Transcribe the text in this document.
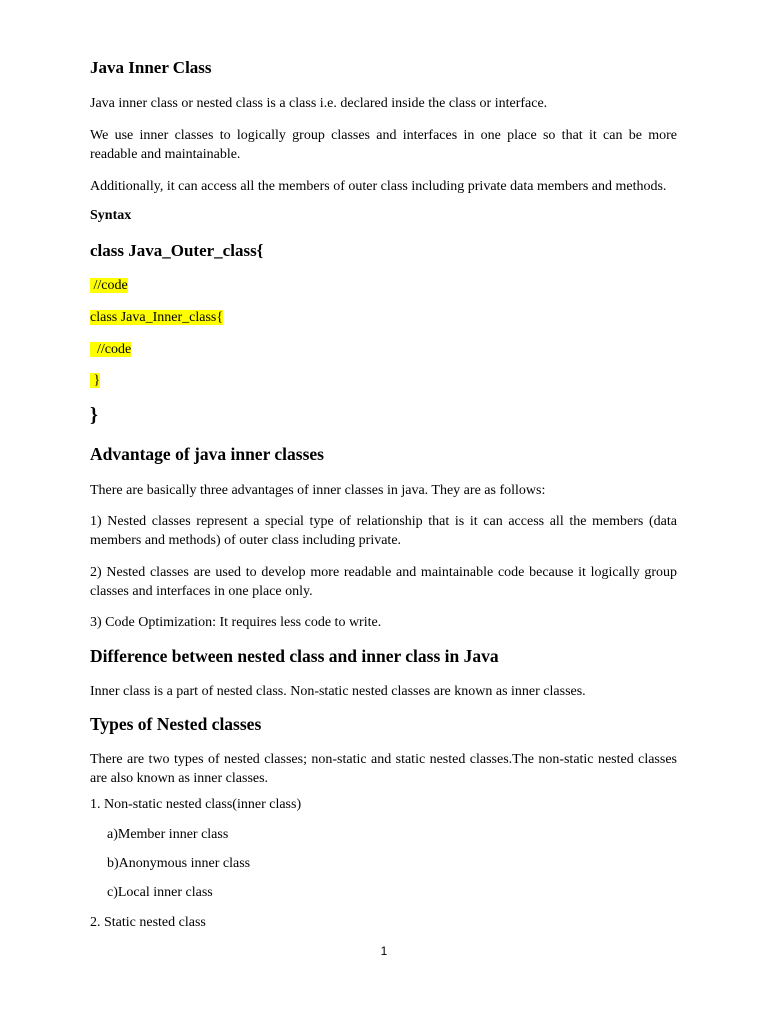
Java Inner Class

Java inner class or nested class is a class i.e. declared inside the class or interface.

We use inner classes to logically group classes and interfaces in one place so that it can be more readable and maintainable.

Additionally, it can access all the members of outer class including private data members and methods.

Syntax

class Java_Outer_class{

//code

class Java_Inner_class{

//code

}

}

Advantage of java inner classes

There are basically three advantages of inner classes in java. They are as follows:

1) Nested classes represent a special type of relationship that is it can access all the members (data members and methods) of outer class including private.

2) Nested classes are used to develop more readable and maintainable code because it logically group classes and interfaces in one place only.

3) Code Optimization: It requires less code to write.

Difference between nested class and inner class in Java

Inner class is a part of nested class. Non-static nested classes are known as inner classes.

Types of Nested classes

There are two types of nested classes; non-static and static nested classes.The non-static nested classes are also known as inner classes.

1. Non-static nested class(inner class)

a)Member inner class

b)Anonymous inner class

c)Local inner class

2. Static nested class

1
